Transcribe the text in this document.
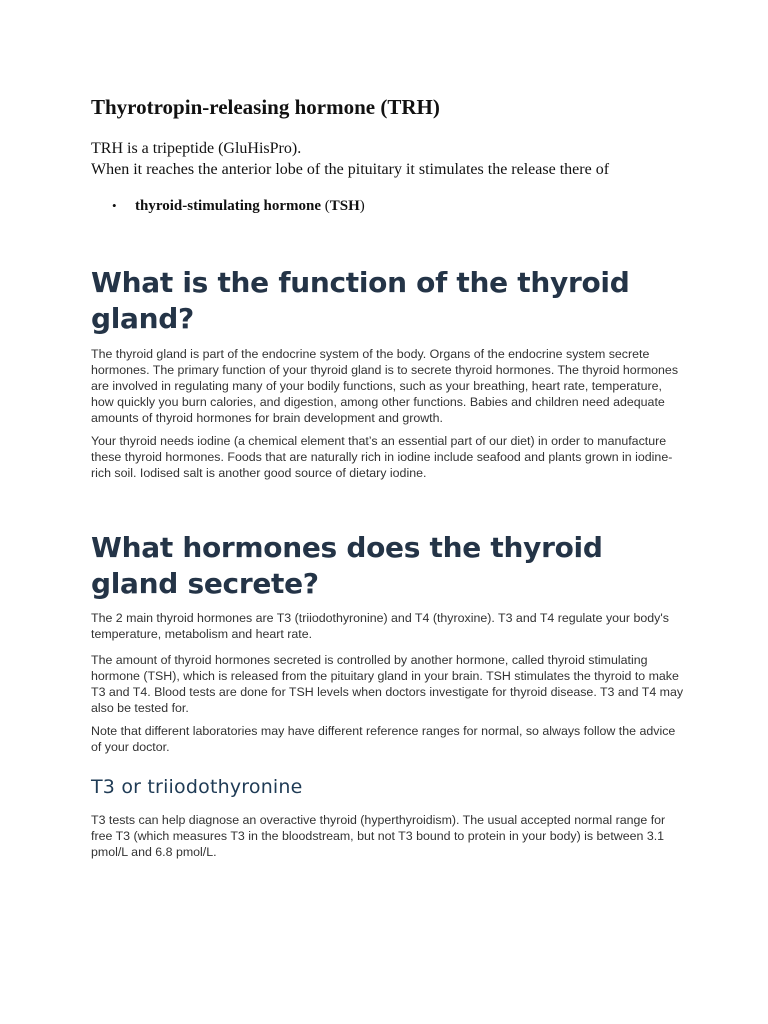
Thyrotropin-releasing hormone (TRH)
TRH is a tripeptide (GluHisPro).
When it reaches the anterior lobe of the pituitary it stimulates the release there of
• thyroid-stimulating hormone (TSH)
What is the function of the thyroid gland?

The thyroid gland is part of the endocrine system of the body. Organs of the endocrine system secrete hormones. The primary function of your thyroid gland is to secrete thyroid hormones. The thyroid hormones are involved in regulating many of your bodily functions, such as your breathing, heart rate, temperature, how quickly you burn calories, and digestion, among other functions. Babies and children need adequate amounts of thyroid hormones for brain development and growth.

Your thyroid needs iodine (a chemical element that’s an essential part of our diet) in order to manufacture these thyroid hormones. Foods that are naturally rich in iodine include seafood and plants grown in iodine-rich soil. Iodised salt is another good source of dietary iodine.

What hormones does the thyroid gland secrete?

The 2 main thyroid hormones are T3 (triiodothyronine) and T4 (thyroxine). T3 and T4 regulate your body's temperature, metabolism and heart rate.

The amount of thyroid hormones secreted is controlled by another hormone, called thyroid stimulating hormone (TSH), which is released from the pituitary gland in your brain. TSH stimulates the thyroid to make T3 and T4. Blood tests are done for TSH levels when doctors investigate for thyroid disease. T3 and T4 may also be tested for.

Note that different laboratories may have different reference ranges for normal, so always follow the advice of your doctor.

T3 or triiodothyronine

T3 tests can help diagnose an overactive thyroid (hyperthyroidism). The usual accepted normal range for free T3 (which measures T3 in the bloodstream, but not T3 bound to protein in your body) is between 3.1 pmol/L and 6.8 pmol/L.
